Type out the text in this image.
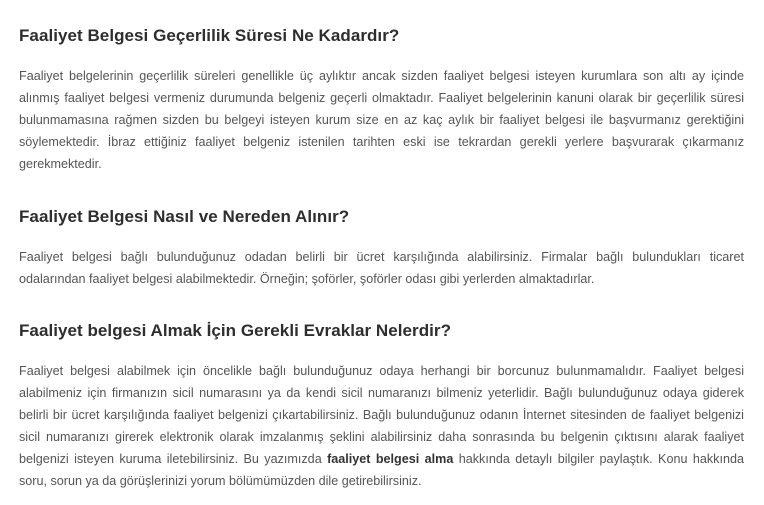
Faaliyet Belgesi Geçerlilik Süresi Ne Kadardır?

Faaliyet belgelerinin geçerlilik süreleri genellikle üç aylıktır ancak sizden faaliyet belgesi isteyen kurumlara son altı ay içinde alınmış faaliyet belgesi vermeniz durumunda belgeniz geçerli olmaktadır. Faaliyet belgelerinin kanuni olarak bir geçerlilik süresi bulunmamasına rağmen sizden bu belgeyi isteyen kurum size en az kaç aylık bir faaliyet belgesi ile başvurmanız gerektiğini söylemektedir. İbraz ettiğiniz faaliyet belgeniz istenilen tarihten eski ise tekrardan gerekli yerlere başvurarak çıkarmanız gerekmektedir.

Faaliyet Belgesi Nasıl ve Nereden Alınır?

Faaliyet belgesi bağlı bulunduğunuz odadan belirli bir ücret karşılığında alabilirsiniz. Firmalar bağlı bulundukları ticaret odalarından faaliyet belgesi alabilmektedir. Örneğin; şoförler, şoförler odası gibi yerlerden almaktadırlar.

Faaliyet belgesi Almak İçin Gerekli Evraklar Nelerdir?

Faaliyet belgesi alabilmek için öncelikle bağlı bulunduğunuz odaya herhangi bir borcunuz bulunmamalıdır. Faaliyet belgesi alabilmeniz için firmanızın sicil numarasını ya da kendi sicil numaranızı bilmeniz yeterlidir. Bağlı bulunduğunuz odaya giderek belirli bir ücret karşılığında faaliyet belgenizi çıkartabilirsiniz. Bağlı bulunduğunuz odanın İnternet sitesinden de faaliyet belgenizi sicil numaranızı girerek elektronik olarak imzalanmış şeklini alabilirsiniz daha sonrasında bu belgenin çıktısını alarak faaliyet belgenizi isteyen kuruma iletebilirsiniz. Bu yazımızda faaliyet belgesi alma hakkında detaylı bilgiler paylaştık. Konu hakkında soru, sorun ya da görüşlerinizi yorum bölümümüzden dile getirebilirsiniz.
